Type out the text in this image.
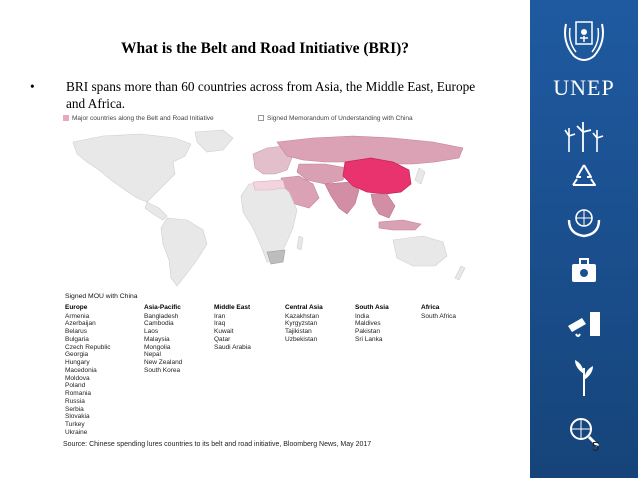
What is the Belt and Road Initiative (BRI)?
• BRI spans more than 60 countries across from Asia, the Middle East, Europe and Africa.
Major countries along the Belt and Road Initiative	Signed Memorandum of Understanding with China
Signed MOU with China
Europe
Armenia
Azerbaijan
Belarus
Bulgaria
Czech Republic
Georgia
Hungary
Macedonia
Moldova
Poland
Romania
Russia
Serbia
Slovakia
Turkey
Ukraine
Asia-Pacific
Bangladesh
Cambodia
Laos
Malaysia
Mongolia
Nepal
New Zealand
South Korea
Middle East
Iran
Iraq
Kuwait
Qatar
Saudi Arabia
Central Asia
Kazakhstan
Kyrgyzstan
Tajikistan
Uzbekistan
South Asia
India
Maldives
Pakistan
Sri Lanka
Africa
South Africa
Source: Chinese spending lures countries to its belt and road initiative, Bloomberg News, May 2017
UNEP
5
